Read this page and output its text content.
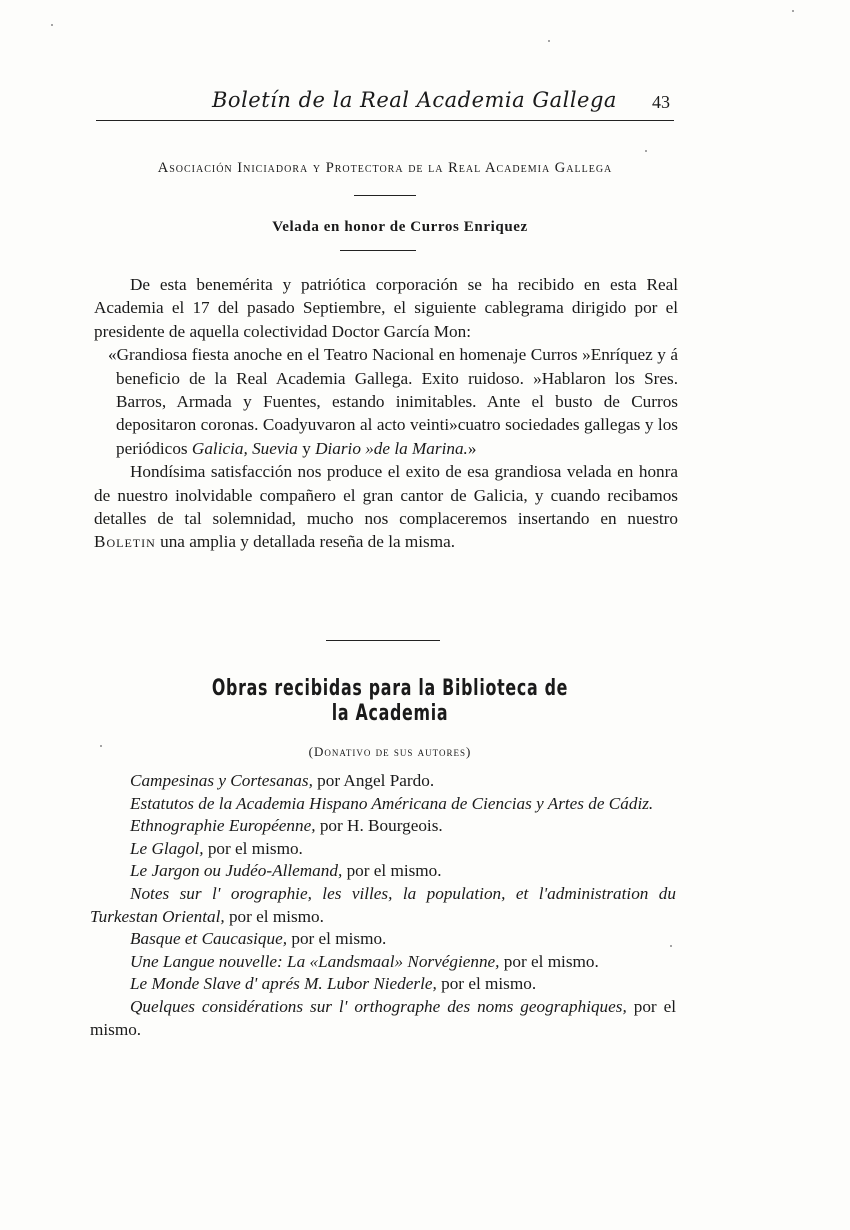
Boletín de la Real Academia Gallega 43
Asociación Iniciadora y Protectora de la Real Academia Gallega
Velada en honor de Curros Enriquez

De esta benemérita y patriótica corporación se ha recibido en esta Real Academia el 17 del pasado Septiembre, el siguiente cablegrama dirigido por el presidente de aquella colectividad Doctor García Mon:

«Grandiosa fiesta anoche en el Teatro Nacional en homenaje Curros »Enríquez y á beneficio de la Real Academia Gallega. Exito ruidoso. »Hablaron los Sres. Barros, Armada y Fuentes, estando inimitables. Ante el busto de Curros depositaron coronas. Coadyuvaron al acto veinti»cuatro sociedades gallegas y los periódicos Galicia, Suevia y Diario »de la Marina.»

Hondísima satisfacción nos produce el exito de esa grandiosa velada en honra de nuestro inolvidable compañero el gran cantor de Galicia, y cuando recibamos detalles de tal solemnidad, mucho nos complaceremos insertando en nuestro Boletin una amplia y detallada reseña de la misma.

Obras recibidas para la Biblioteca de la Academia
(Donativo de sus autores)

Campesinas y Cortesanas, por Angel Pardo.

Estatutos de la Academia Hispano Américana de Ciencias y Artes de Cádiz.

Ethnographie Européenne, por H. Bourgeois.

Le Glagol, por el mismo.

Le Jargon ou Judéo-Allemand, por el mismo.

Notes sur l' orographie, les villes, la population, et l'administration du Turkestan Oriental, por el mismo.

Basque et Caucasique, por el mismo.

Une Langue nouvelle: La «Landsmaal» Norvégienne, por el mismo.

Le Monde Slave d' aprés M. Lubor Niederle, por el mismo.

Quelques considérations sur l' orthographe des noms geographiques, por el mismo.
